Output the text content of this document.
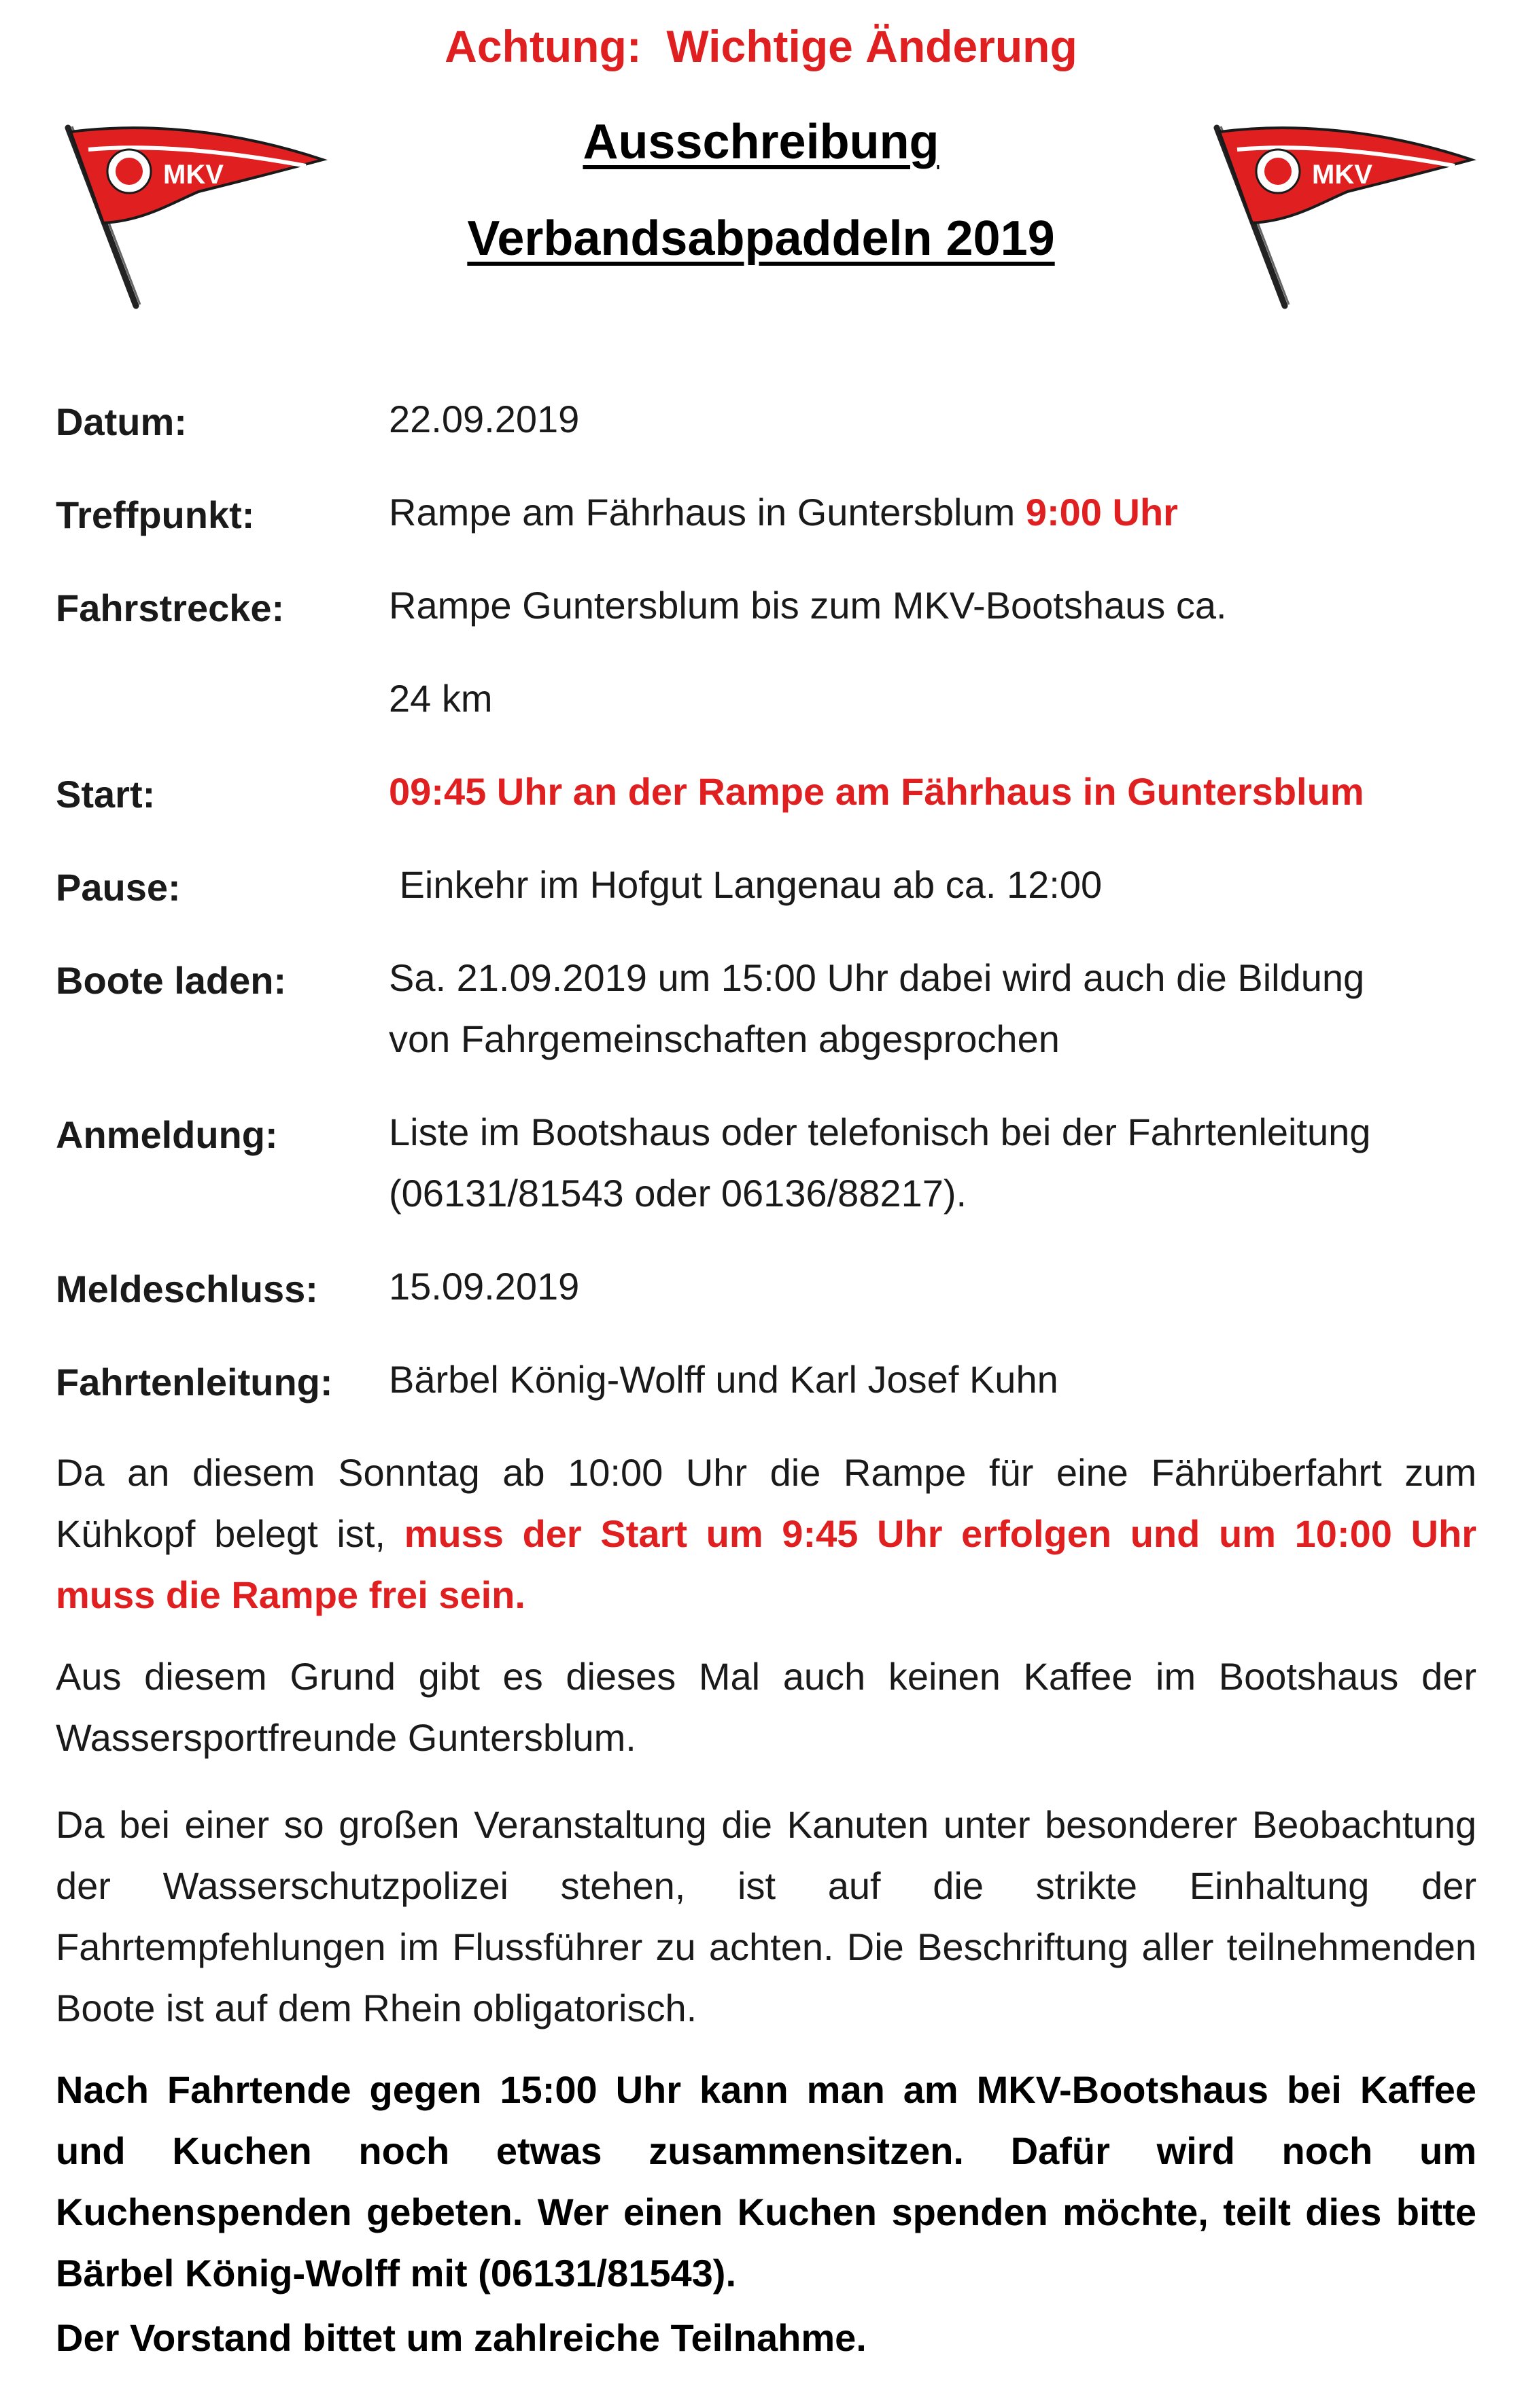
Achtung:  Wichtige Änderung
Ausschreibung
Verbandsabpaddeln 2019
MKV	MKV
Datum:	22.09.2019
Treffpunkt:	Rampe am Fährhaus in Guntersblum 9:00 Uhr
Fahrstrecke:	Rampe Guntersblum bis zum MKV-Bootshaus ca.
24 km
Start:	09:45 Uhr an der Rampe am Fährhaus in Guntersblum
Pause:	Einkehr im Hofgut Langenau ab ca. 12:00
Boote laden:	Sa. 21.09.2019 um 15:00 Uhr dabei wird auch die Bildung
von Fahrgemeinschaften abgesprochen
Anmeldung:	Liste im Bootshaus oder telefonisch bei der Fahrtenleitung
(06131/81543 oder 06136/88217).
Meldeschluss: 15.09.2019
Fahrtenleitung: Bärbel König-Wolff und Karl Josef Kuhn
Da an diesem Sonntag ab 10:00 Uhr die Rampe für eine Fährüberfahrt zum Kühkopf belegt ist, muss der Start um 9:45 Uhr erfolgen und um 10:00 Uhr muss die Rampe frei sein.
Aus diesem Grund gibt es dieses Mal auch keinen Kaffee im Bootshaus der Wassersportfreunde Guntersblum.
Da bei einer so großen Veranstaltung die Kanuten unter besonderer Beobachtung der Wasserschutzpolizei stehen, ist auf die strikte Einhaltung der Fahrtempfehlungen im Flussführer zu achten. Die Beschriftung aller teilnehmenden Boote ist auf dem Rhein obligatorisch.
Nach Fahrtende gegen 15:00 Uhr kann man am MKV-Bootshaus bei Kaffee und Kuchen noch etwas zusammensitzen. Dafür wird noch um Kuchenspenden gebeten. Wer einen Kuchen spenden möchte, teilt dies bitte Bärbel König-Wolff mit (06131/81543).
Der Vorstand bittet um zahlreiche Teilnahme.
